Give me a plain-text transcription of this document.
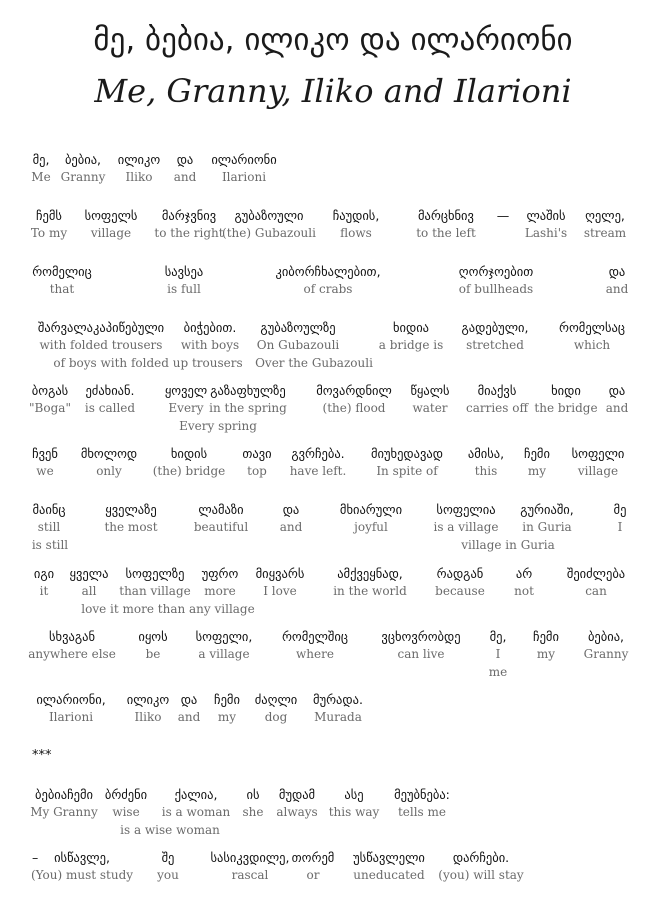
მე, ბებია, ილიკო და ილარიონი
Me, Granny, Iliko and Ilarioni
***
მე,
Me
ბებია,
Granny
ილიკო
Iliko
და
and
ილარიონი
Ilarioni
ჩემს
To my
სოფელს
village
მარჯვნივ
to the right
გუბაზოული
(the) Gubazouli
ჩაუდის,
flows
მარცხნივ
to the left
— ლაშის
Lashi's
ღელე,
stream
რომელიც
that
სავსეა
is full
კიბორჩხალებით,
of crabs
ღორჯოებით
of bullheads
და
and
შარვალაკაპიწებული
with folded trousers
ბიჭებით.
with boys
გუბაზოულზე
On Gubazouli
ხიდია
a bridge is
გადებული,
stretched
რომელსაც
which
of boys with folded up trousers Over the Gubazouli
ბოგას
"Boga"
ეძახიან.
is called
ყოველ
Every
გაზაფხულზე
in the spring
მოვარდნილ
(the) flood
წყალს
water
მიაქვს
carries off
ხიდი
the bridge
და
and
Every spring
ჩვენ
we
მხოლოდ
only
ხიდის
(the) bridge
თავი
top
გვრჩება.
have left.
მიუხედავად
In spite of
ამისა,
this
ჩემი
my
სოფელი
village
მაინც
still
ყველაზე
the most
ლამაზი
beautiful
და
and
მხიარული
joyful
სოფელია
is a village
გურიაში,
in Guria
მე
I
is still	village in Guria
იგი
it
ყველა
all
სოფელზე
than village
უფრო
more
მიყვარს
I love
ამქვეყნად,
in the world
რადგან
because
არ
not
შეიძლება
can
love it more than any village
სხვაგან
anywhere else
იყოს
be
სოფელი,
a village
რომელშიც
where
ვცხოვრობდე
can live
მე,
I
ჩემი
my
ბებია,
Granny
me
ილარიონი,
Ilarioni
ილიკო
Iliko
და
and
ჩემი
my
ძაღლი
dog
მურადა.
Murada
ბებიაჩემი
My Granny
ბრძენი
wise
ქალია,
is a woman
ის
she
მუდამ
always
ასე
this way
მეუბნება:
tells me
is a wise woman
–	ისწავლე,
(You) must study
შე
you
სასიკვდილე,
rascal
თორემ
or
უსწავლელი
uneducated
დარჩები.
(you) will stay
